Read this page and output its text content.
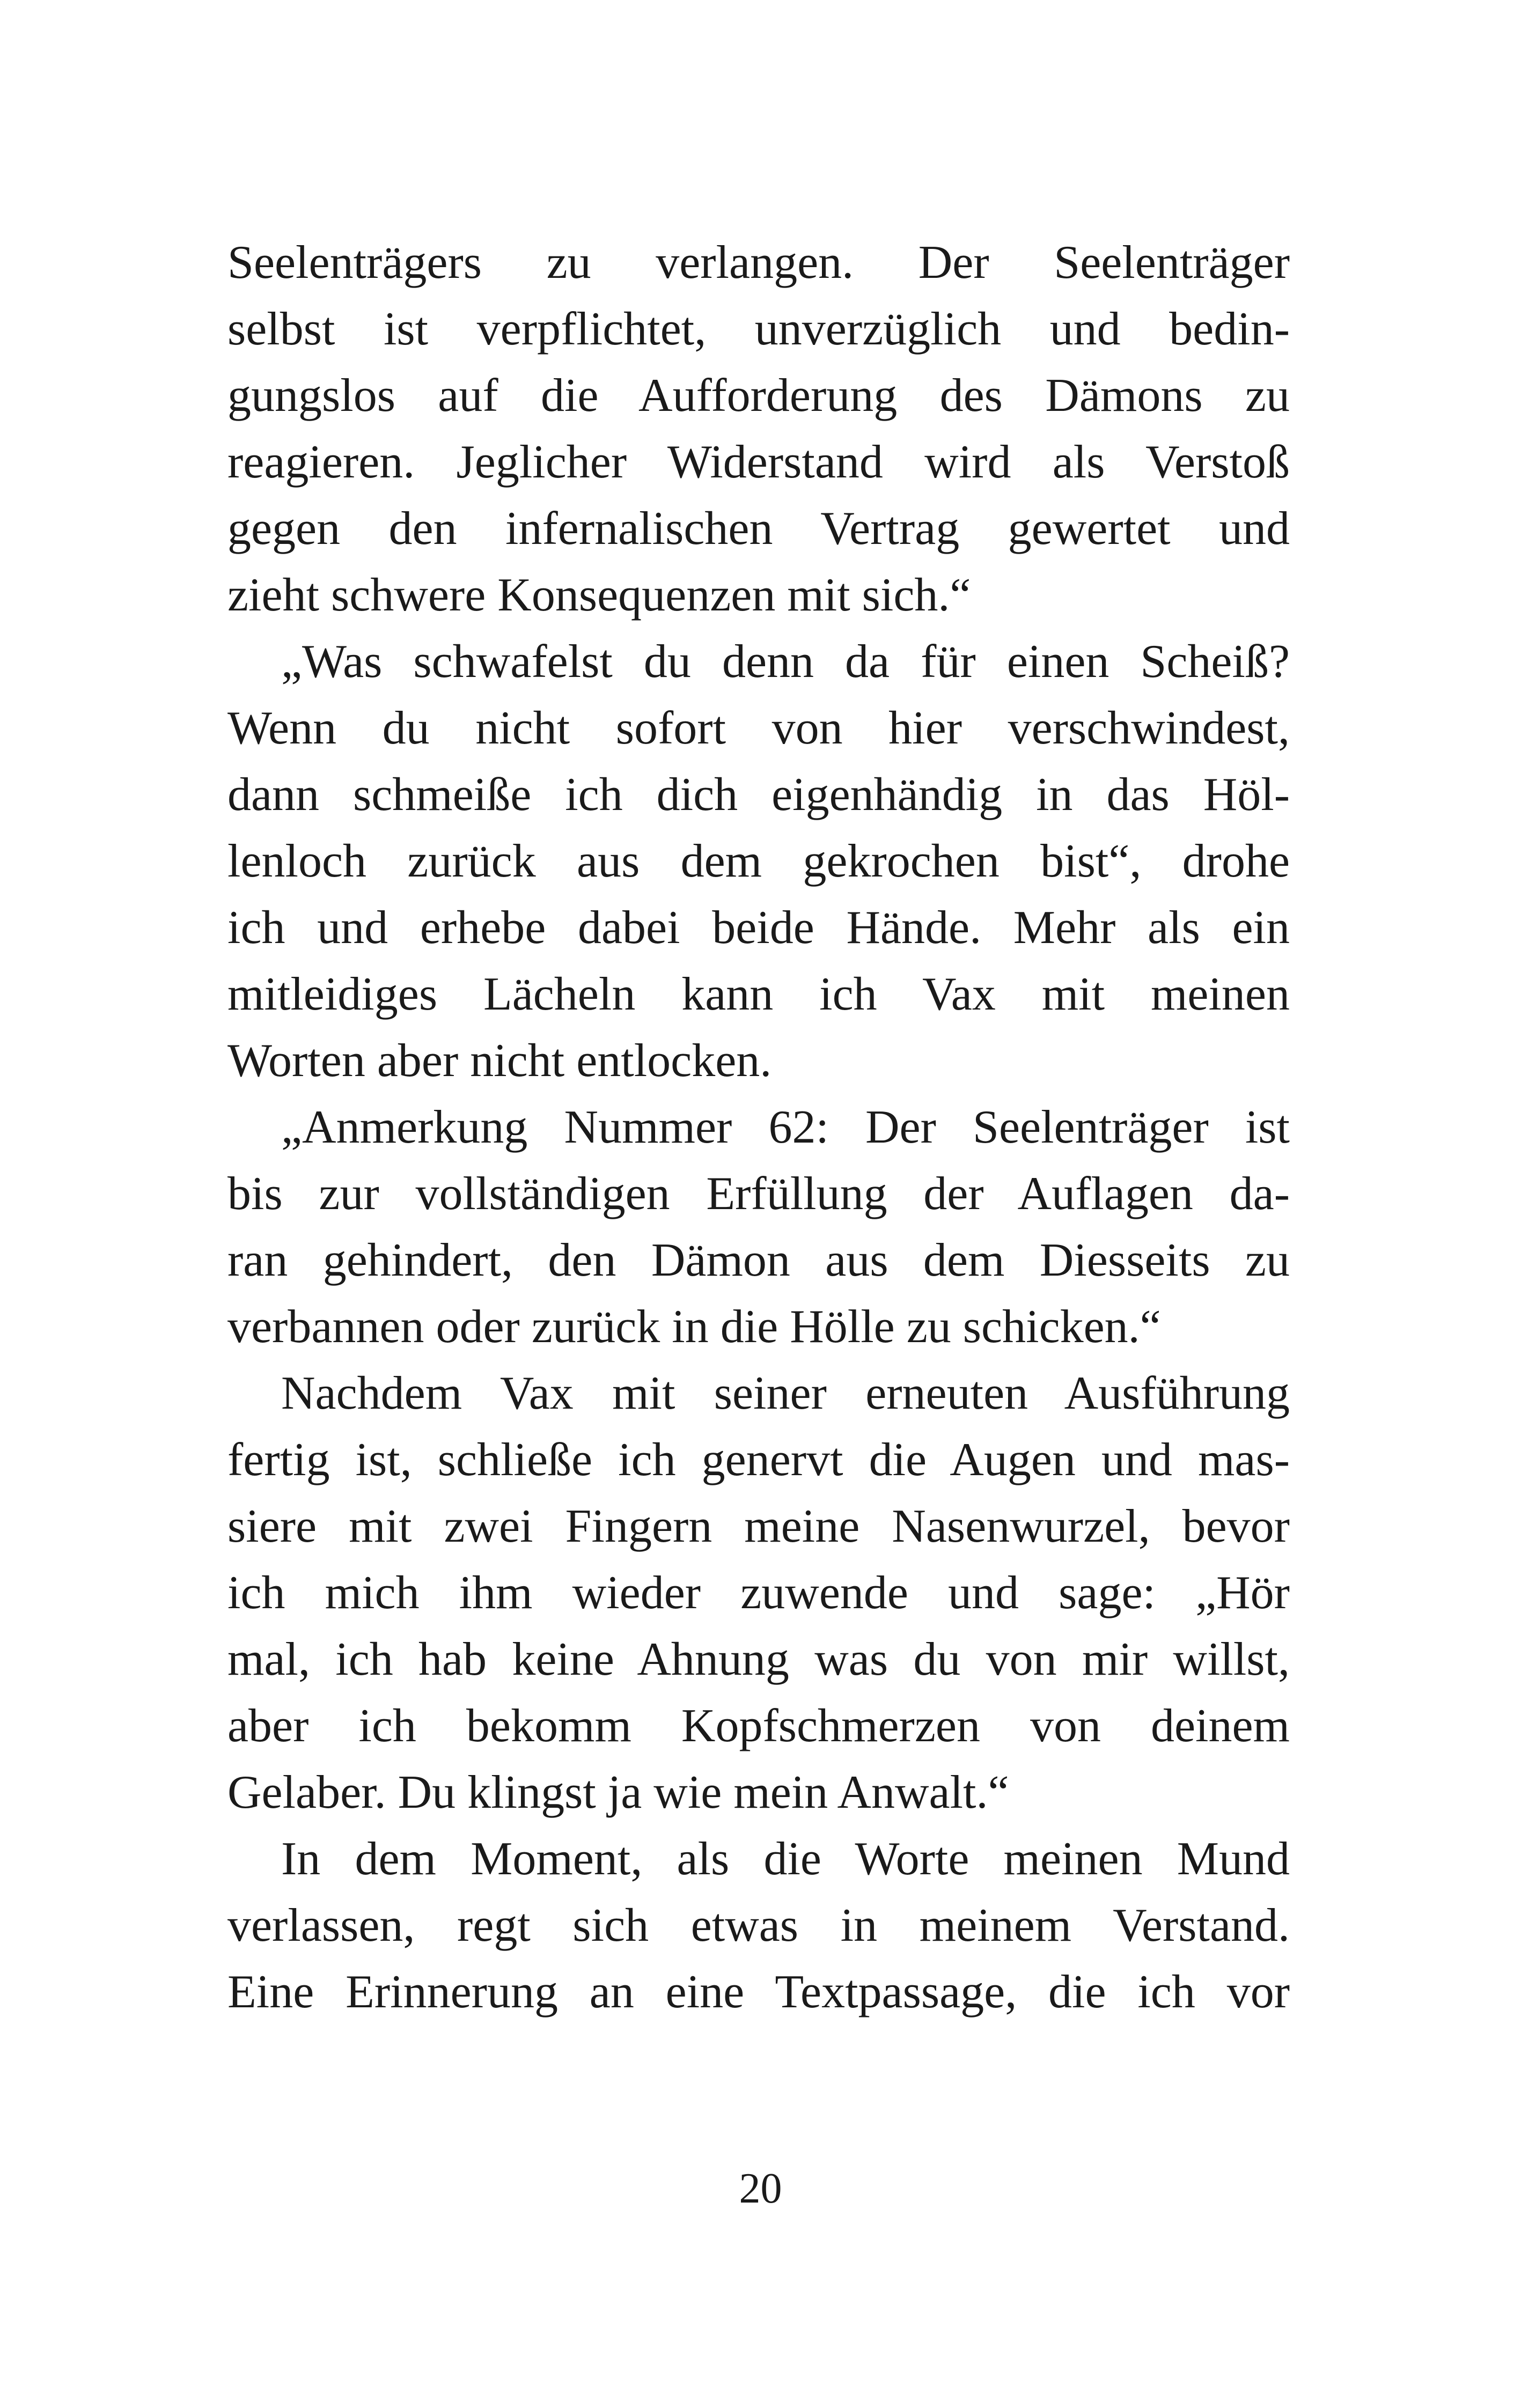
Seelenträgers zu verlangen. Der Seelenträger
selbst ist verpflichtet, unverzüglich und bedin-
gungslos auf die Aufforderung des Dämons zu
reagieren. Jeglicher Widerstand wird als Verstoß
gegen den infernalischen Vertrag gewertet und
zieht schwere Konsequenzen mit sich.“
„Was schwafelst du denn da für einen Scheiß?
Wenn du nicht sofort von hier verschwindest,
dann schmeiße ich dich eigenhändig in das Höl-
lenloch zurück aus dem gekrochen bist“, drohe
ich und erhebe dabei beide Hände. Mehr als ein
mitleidiges Lächeln kann ich Vax mit meinen
Worten aber nicht entlocken.
„Anmerkung Nummer 62: Der Seelenträger ist
bis zur vollständigen Erfüllung der Auflagen da-
ran gehindert, den Dämon aus dem Diesseits zu
verbannen oder zurück in die Hölle zu schicken.“
Nachdem Vax mit seiner erneuten Ausführung
fertig ist, schließe ich genervt die Augen und mas-
siere mit zwei Fingern meine Nasenwurzel, bevor
ich mich ihm wieder zuwende und sage: „Hör
mal, ich hab keine Ahnung was du von mir willst,
aber ich bekomm Kopfschmerzen von deinem
Gelaber. Du klingst ja wie mein Anwalt.“
In dem Moment, als die Worte meinen Mund
verlassen, regt sich etwas in meinem Verstand.
Eine Erinnerung an eine Textpassage, die ich vor
20
